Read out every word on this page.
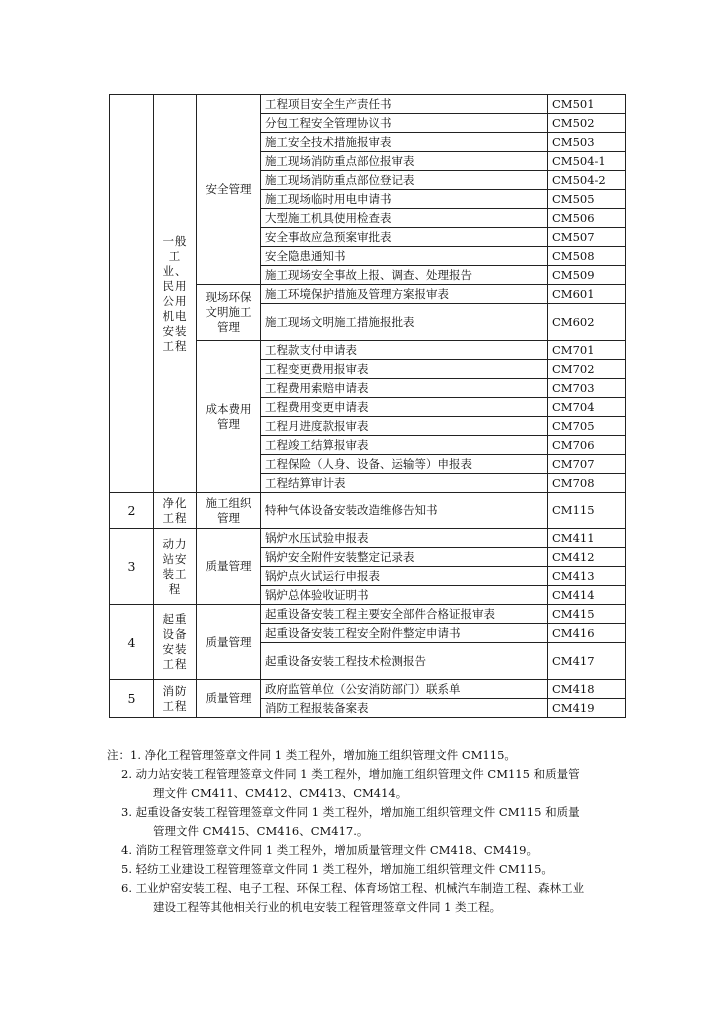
	一般工业、民用公用机电安装工程	安全管理	工程项目安全生产责任书	CM501
			分包工程安全管理协议书	CM502
			施工安全技术措施报审表	CM503
			施工现场消防重点部位报审表	CM504-1
			施工现场消防重点部位登记表	CM504-2
			施工现场临时用电申请书	CM505
			大型施工机具使用检查表	CM506
			安全事故应急预案审批表	CM507
			安全隐患通知书	CM508
			施工现场安全事故上报、调查、处理报告	CM509
		现场环保文明施工管理	施工环境保护措施及管理方案报审表	CM601
			施工现场文明施工措施报批表	CM602
		成本费用管理	工程款支付申请表	CM701
			工程变更费用报审表	CM702
			工程费用索赔申请表	CM703
			工程费用变更申请表	CM704
			工程月进度款报审表	CM705
			工程竣工结算报审表	CM706
			工程保险（人身、设备、运输等）申报表	CM707
			工程结算审计表	CM708
2	净化工程	施工组织管理	特种气体设备安装改造维修告知书	CM115
3	动力站安装工程	质量管理	锅炉水压试验申报表	CM411
			锅炉安全附件安装整定记录表	CM412
			锅炉点火试运行申报表	CM413
			锅炉总体验收证明书	CM414
4	起重设备安装工程	质量管理	起重设备安装工程主要安全部件合格证报审表	CM415
			起重设备安装工程安全附件整定申请书	CM416
			起重设备安装工程技术检测报告	CM417
5	消防工程	质量管理	政府监管单位（公安消防部门）联系单	CM418
			消防工程报装备案表	CM419

注：1. 净化工程管理签章文件同 1 类工程外，增加施工组织管理文件 CM115。

2. 动力站安装工程管理签章文件同 1 类工程外，增加施工组织管理文件 CM115 和质量管

理文件 CM411、CM412、CM413、CM414。

3. 起重设备安装工程管理签章文件同 1 类工程外，增加施工组织管理文件 CM115 和质量

管理文件 CM415、CM416、CM417.。

4. 消防工程管理签章文件同 1 类工程外，增加质量管理文件 CM418、CM419。

5. 轻纺工业建设工程管理签章文件同 1 类工程外，增加施工组织管理文件 CM115。

6. 工业炉窑安装工程、电子工程、环保工程、体育场馆工程、机械汽车制造工程、森林工业

建设工程等其他相关行业的机电安装工程管理签章文件同 1 类工程。
